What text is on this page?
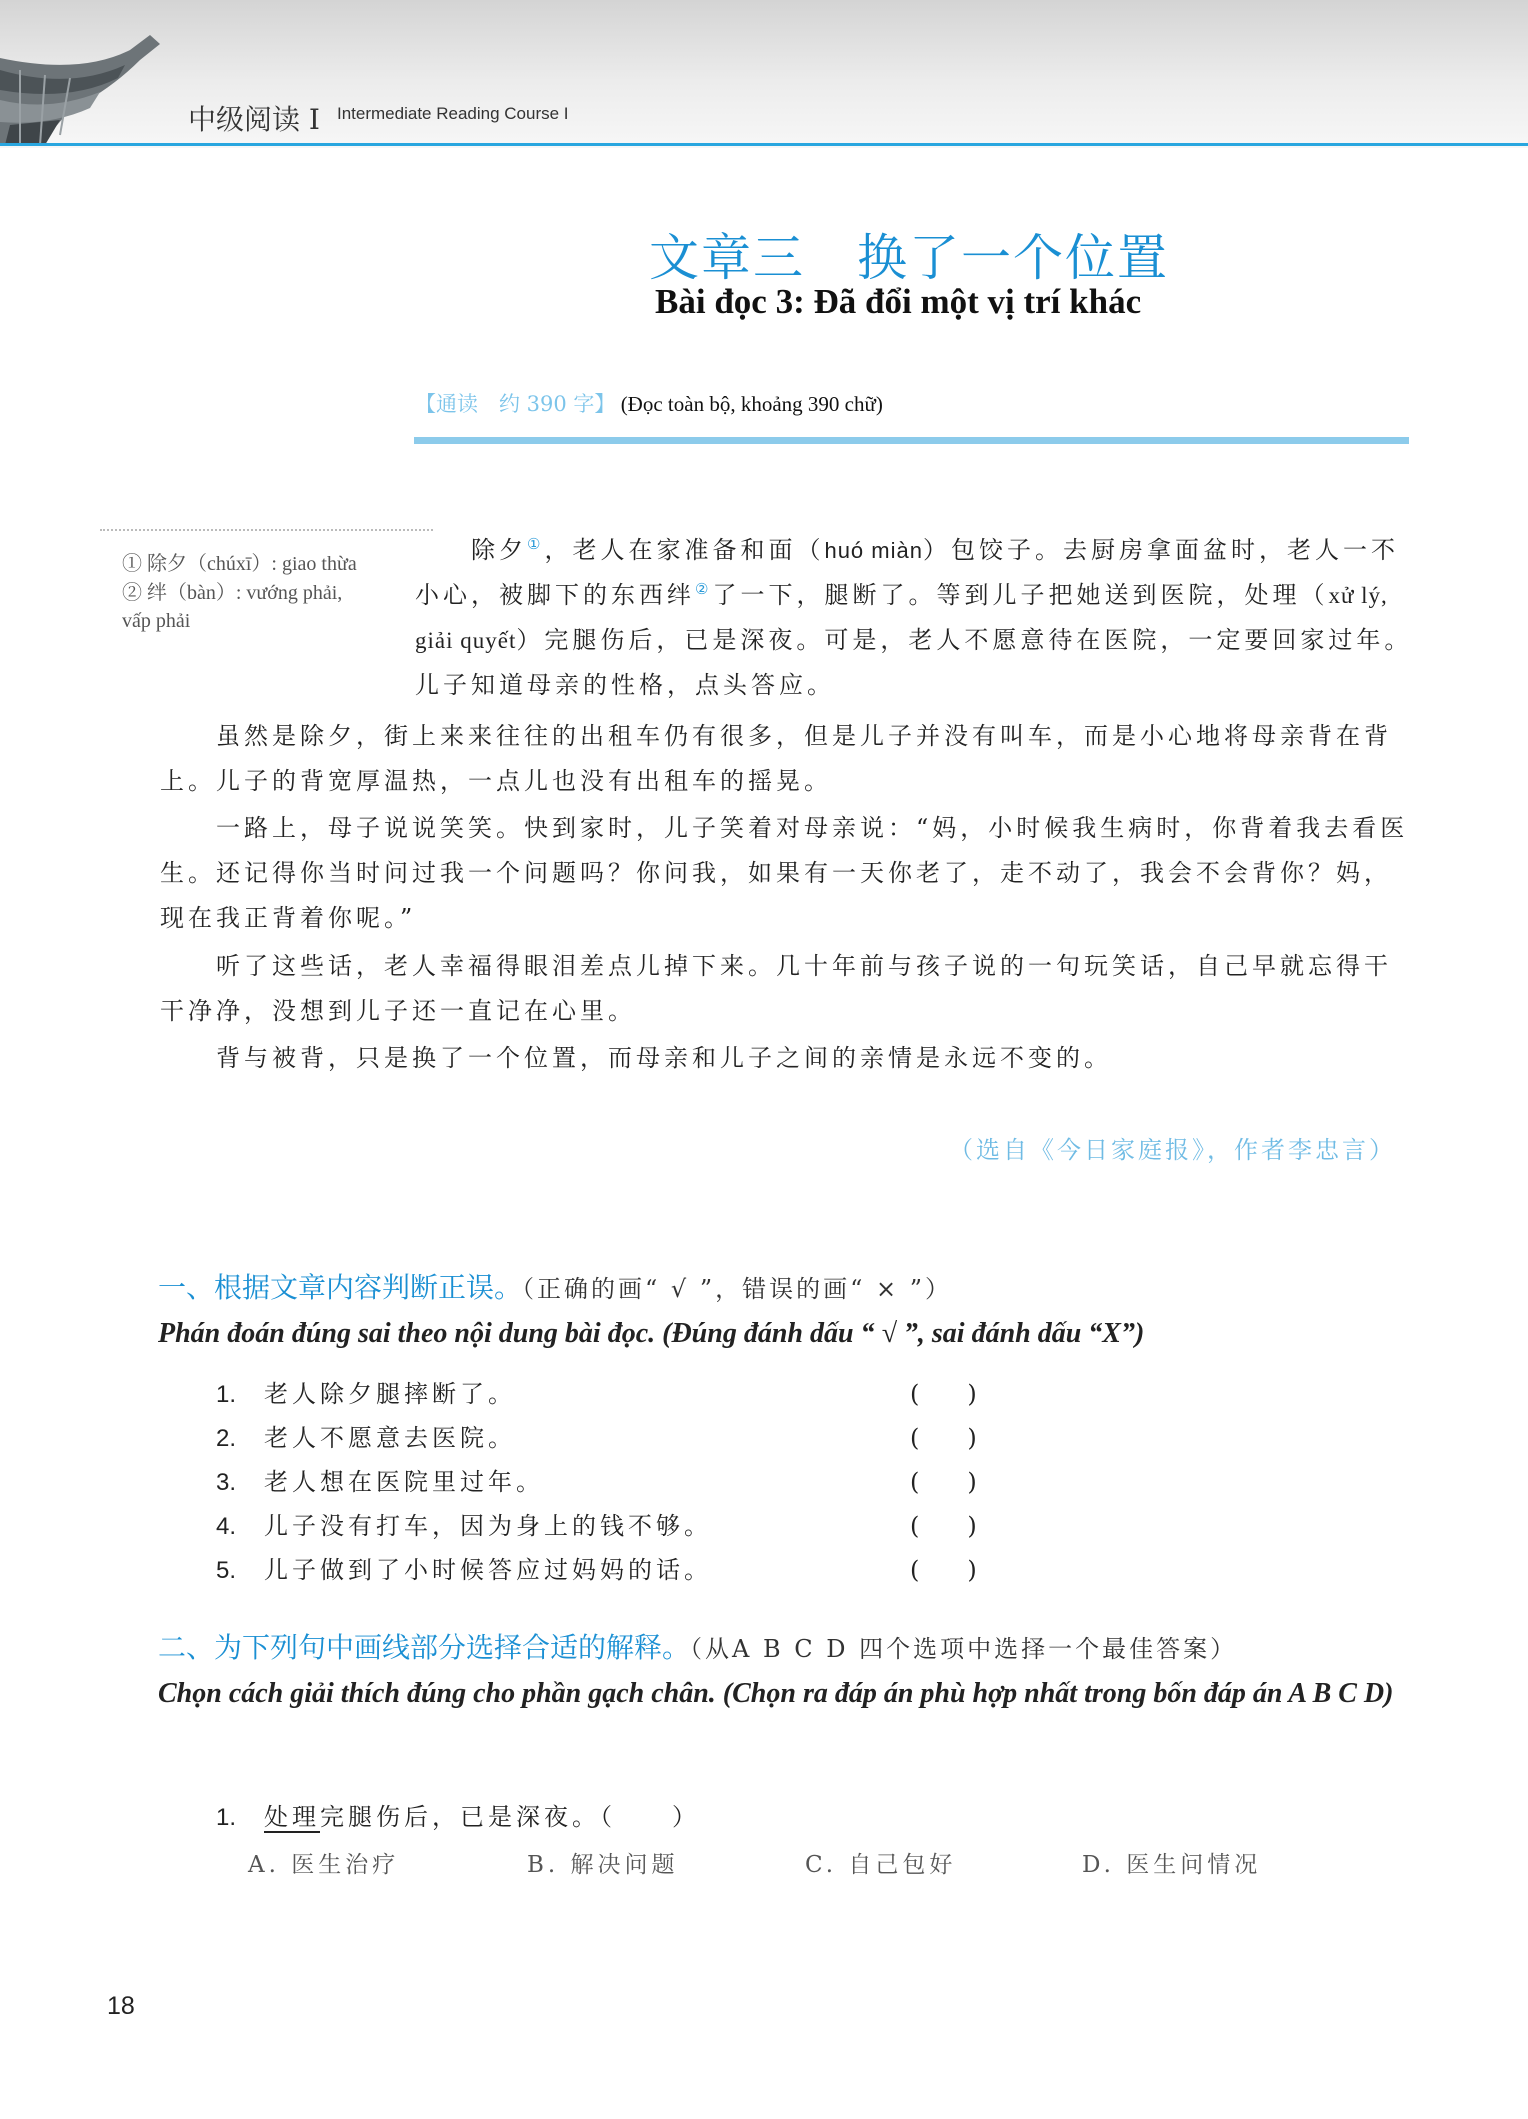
中级阅读 I Intermediate Reading Course I
文章三　换了一个位置
Bài đọc 3: Đã đổi một vị trí khác
【通读　约 390 字】 (Đọc toàn bộ, khoảng 390 chữ)
① 除夕（chúxī）: giao thừa
② 绊（bàn）: vướng phải,
vấp phải
除夕①，老人在家准备和面（huó miàn）包饺子。去厨房拿面盆时，老人一不小心，被脚下的东西绊②了一下，腿断了。等到儿子把她送到医院，处理（xử lý, giải quyết）完腿伤后，已是深夜。可是，老人不愿意待在医院，一定要回家过年。儿子知道母亲的性格，点头答应。
虽然是除夕，街上来来往往的出租车仍有很多，但是儿子并没有叫车，而是小心地将母亲背在背上。儿子的背宽厚温热，一点儿也没有出租车的摇晃。
一路上，母子说说笑笑。快到家时，儿子笑着对母亲说：“妈，小时候我生病时，你背着我去看医生。还记得你当时问过我一个问题吗？你问我，如果有一天你老了，走不动了，我会不会背你？妈，现在我正背着你呢。”
听了这些话，老人幸福得眼泪差点儿掉下来。几十年前与孩子说的一句玩笑话，自己早就忘得干干净净，没想到儿子还一直记在心里。
背与被背，只是换了一个位置，而母亲和儿子之间的亲情是永远不变的。
（选自《今日家庭报》，作者李忠言）
一、根据文章内容判断正误。（正确的画“ √ ”，错误的画“ × ”）
Phán đoán đúng sai theo nội dung bài đọc. (Đúng đánh dấu “ √ ”, sai đánh dấu “X”)
1. 老人除夕腿摔断了。	(　　)
2. 老人不愿意去医院。	(　　)
3. 老人想在医院里过年。	(　　)
4. 儿子没有打车，因为身上的钱不够。	(　　)
5. 儿子做到了小时候答应过妈妈的话。	(　　)
二、为下列句中画线部分选择合适的解释。（从A B C D 四个选项中选择一个最佳答案）
Chọn cách giải thích đúng cho phần gạch chân. (Chọn ra đáp án phù hợp nhất trong bốn đáp án A B C D)
1. 处理完腿伤后，已是深夜。（　　）
A. 医生治疗	B. 解决问题	C. 自己包好	D. 医生问情况
18
